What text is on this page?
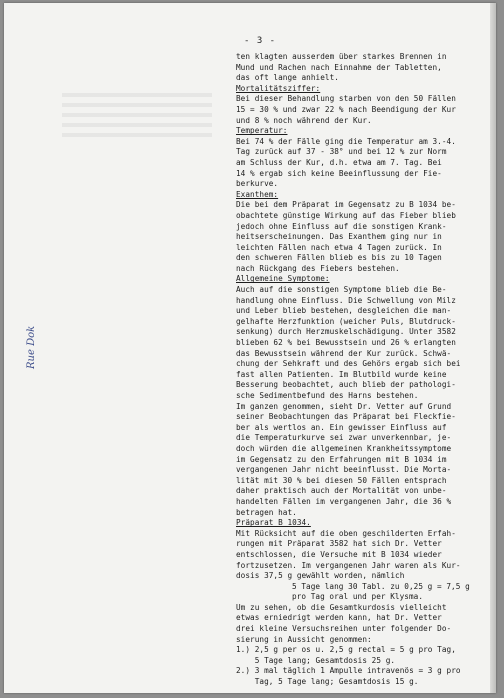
- 3 -
Rue Dok
ten klagten ausserdem über starkes Brennen in
Mund und Rachen nach Einnahme der Tabletten,
das oft lange anhielt.
Mortalitätsziffer:
Bei dieser Behandlung starben von den 50 Fällen
15 = 30 % und zwar 22 % nach Beendigung der Kur
und 8 % noch während der Kur.
Temperatur:
Bei 74 % der Fälle ging die Temperatur am 3.-4.
Tag zurück auf 37 - 38° und bei 12 % zur Norm
am Schluss der Kur, d.h. etwa am 7. Tag. Bei
14 % ergab sich keine Beeinflussung der Fie-
berkurve.
Exanthem:
Die bei dem Präparat im Gegensatz zu B 1034 be-
obachtete günstige Wirkung auf das Fieber blieb
jedoch ohne Einfluss auf die sonstigen Krank-
heitserscheinungen. Das Exanthem ging nur in
leichten Fällen nach etwa 4 Tagen zurück. In
den schweren Fällen blieb es bis zu 10 Tagen
nach Rückgang des Fiebers bestehen.
Allgemeine Symptome:
Auch auf die sonstigen Symptome blieb die Be-
handlung ohne Einfluss. Die Schwellung von Milz
und Leber blieb bestehen, desgleichen die man-
gelhafte Herzfunktion (weicher Puls, Blutdruck-
senkung) durch Herzmuskelschädigung. Unter 3582
blieben 62 % bei Bewusstsein und 26 % erlangten
das Bewusstsein während der Kur zurück. Schwä-
chung der Sehkraft und des Gehörs ergab sich bei
fast allen Patienten. Im Blutbild wurde keine
Besserung beobachtet, auch blieb der pathologi-
sche Sedimentbefund des Harns bestehen.
Im ganzen genommen, sieht Dr. Vetter auf Grund
seiner Beobachtungen das Präparat bei Fleckfie-
ber als wertlos an. Ein gewisser Einfluss auf
die Temperaturkurve sei zwar unverkennbar, je-
doch würden die allgemeinen Krankheitssymptome
im Gegensatz zu den Erfahrungen mit B 1034 im
vergangenen Jahr nicht beeinflusst. Die Morta-
lität mit 30 % bei diesen 50 Fällen entsprach
daher praktisch auch der Mortalität von unbe-
handelten Fällen im vergangenen Jahr, die 36 %
betragen hat.
Präparat B 1034.
Mit Rücksicht auf die oben geschilderten Erfah-
rungen mit Präparat 3582 hat sich Dr. Vetter
entschlossen, die Versuche mit B 1034 wieder
fortzusetzen. Im vergangenen Jahr waren als Kur-
dosis 37,5 g gewählt worden, nämlich
5 Tage lang 30 Tabl. zu 0,25 g = 7,5 g
pro Tag oral und per Klysma.
Um zu sehen, ob die Gesamtkurdosis vielleicht
etwas erniedrigt werden kann, hat Dr. Vetter
drei kleine Versuchsreihen unter folgender Do-
sierung in Aussicht genommen:
1.) 2,5 g per os u. 2,5 g rectal = 5 g pro Tag,
5 Tage lang; Gesamtdosis 25 g.
2.) 3 mal täglich 1 Ampulle intravenös = 3 g pro
Tag, 5 Tage lang; Gesamtdosis 15 g.
